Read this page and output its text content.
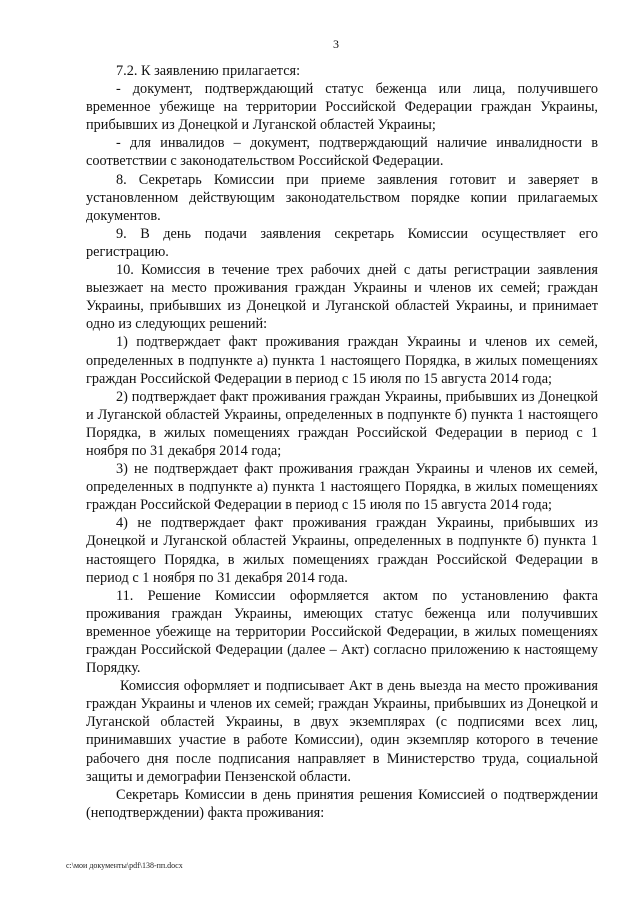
3

7.2. К заявлению прилагается:

- документ, подтверждающий статус беженца или лица, получившего временное убежище на территории Российской Федерации граждан Украины, прибывших из Донецкой и Луганской областей Украины;

- для инвалидов – документ, подтверждающий наличие инвалидности в соответствии с законодательством Российской Федерации.

8. Секретарь Комиссии при приеме заявления готовит и заверяет в установленном действующим законодательством порядке копии прилагаемых документов.

9. В день подачи заявления секретарь Комиссии осуществляет его регистрацию.

10. Комиссия в течение трех рабочих дней с даты регистрации заявления выезжает на место проживания граждан Украины и членов их семей; граждан Украины, прибывших из Донецкой и Луганской областей Украины, и принимает одно из следующих решений:

1) подтверждает факт проживания граждан Украины и членов их семей, определенных в подпункте а) пункта 1 настоящего Порядка, в жилых помещениях граждан Российской Федерации в период с 15 июля по 15 августа 2014 года;

2) подтверждает факт проживания граждан Украины, прибывших из Донецкой и Луганской областей Украины, определенных в подпункте б) пункта 1 настоящего Порядка, в жилых помещениях граждан Российской Федерации в период с 1 ноября по 31 декабря 2014 года;

3) не подтверждает факт проживания граждан Украины и членов их семей, определенных в подпункте а) пункта 1 настоящего Порядка, в жилых помещениях граждан Российской Федерации в период с 15 июля по 15 августа 2014 года;

4) не подтверждает факт проживания граждан Украины, прибывших из Донецкой и Луганской областей Украины, определенных в подпункте б) пункта 1 настоящего Порядка, в жилых помещениях граждан Российской Федерации в период с 1 ноября по 31 декабря 2014 года.

11. Решение Комиссии оформляется актом по установлению факта проживания граждан Украины, имеющих статус беженца или получивших временное убежище на территории Российской Федерации, в жилых помещениях граждан Российской Федерации (далее – Акт) согласно приложению к настоящему Порядку.

Комиссия оформляет и подписывает Акт в день выезда на место проживания граждан Украины и членов их семей; граждан Украины, прибывших из Донецкой и Луганской областей Украины, в двух экземплярах (с подписями всех лиц, принимавших участие в работе Комиссии), один экземпляр которого в течение рабочего дня после подписания направляет в Министерство труда, социальной защиты и демографии Пензенской области.

Секретарь Комиссии в день принятия решения Комиссией о подтверждении (неподтверждении) факта проживания:

c:\мои документы\pdf\138-пп.docx
